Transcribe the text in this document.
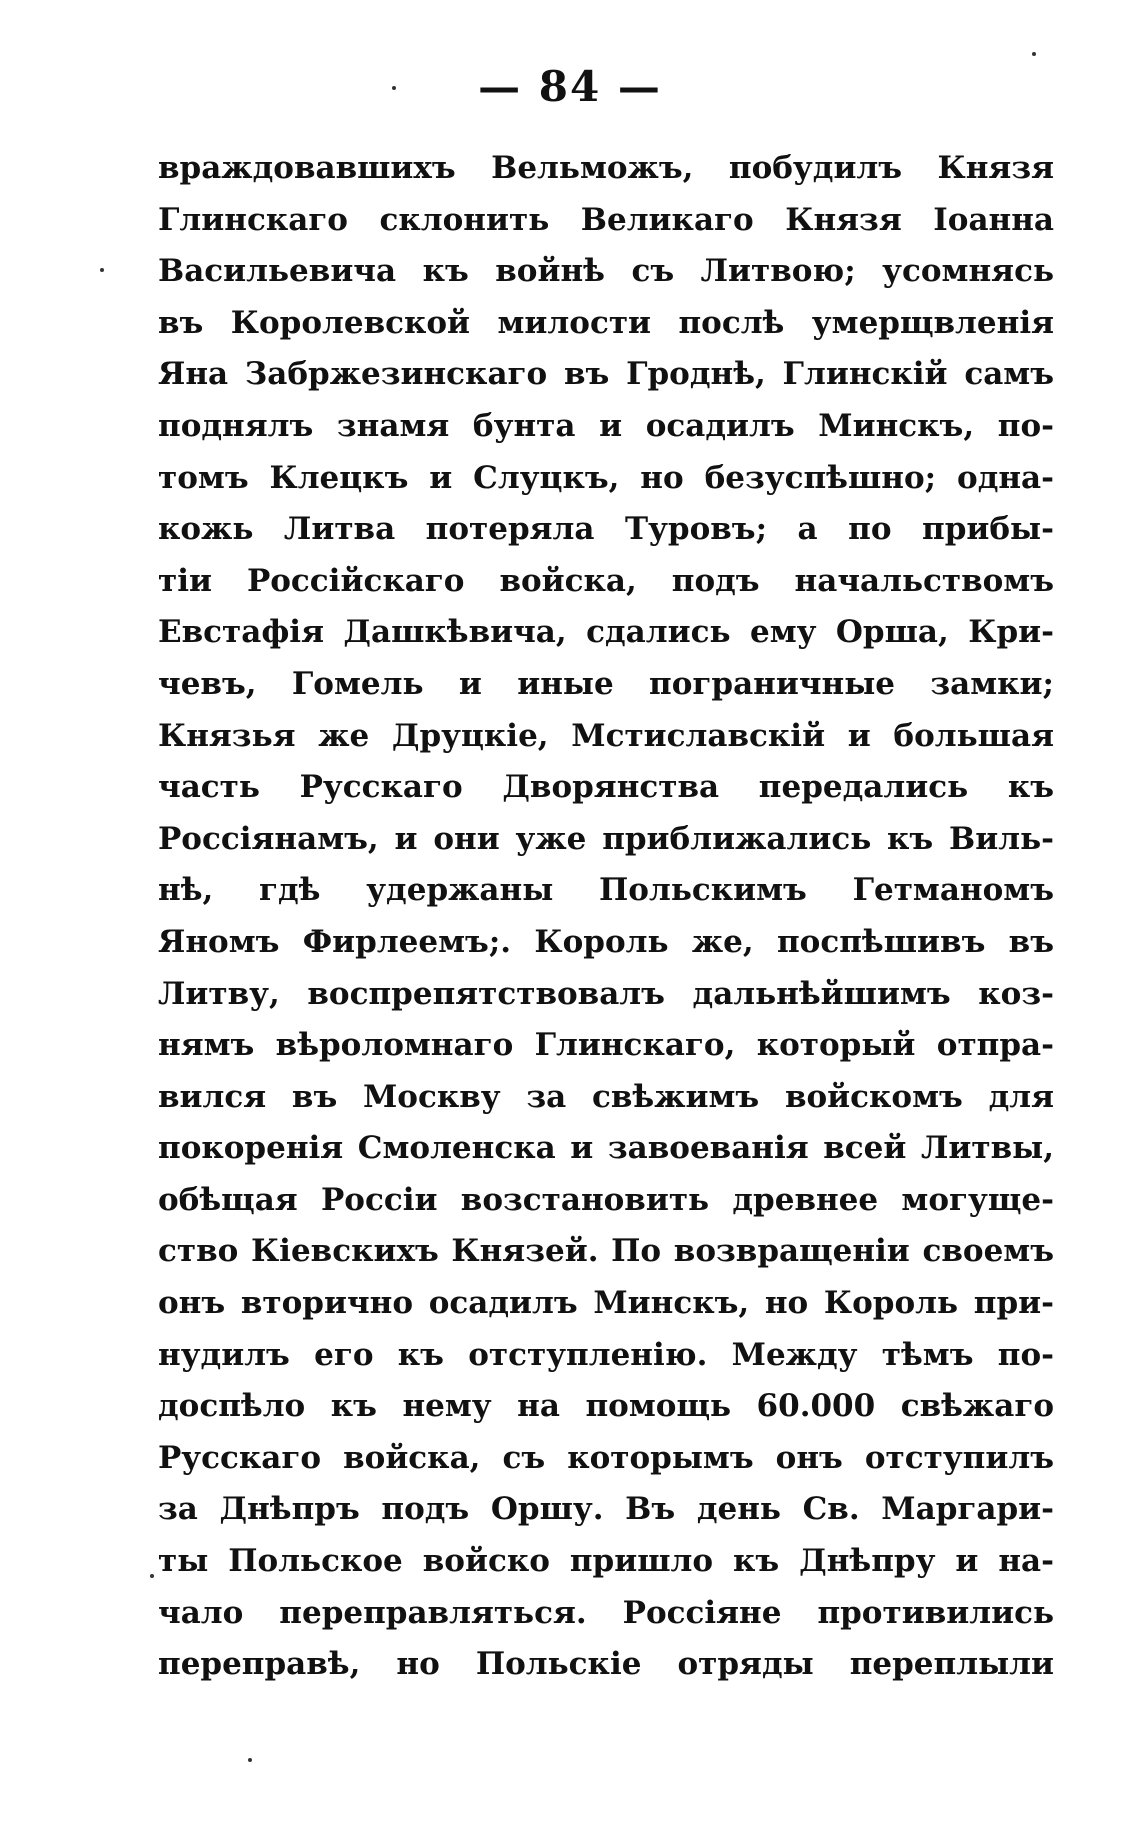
— 84 —
враждовавшихъ Вельможъ, побудилъ Князя
Глинскаго склонить Великаго Князя Іоанна
Васильевича къ войнѣ съ Литвою; усомнясь
въ Королевской милости послѣ умерщвленія
Яна Забржезинскаго въ Гроднѣ, Глинскій самъ
поднялъ знамя бунта и осадилъ Минскъ, по-
томъ Клецкъ и Слуцкъ, но безуспѣшно; одна-
кожь Литва потеряла Туровъ; а по прибы-
тіи Россійскаго войска, подъ начальствомъ
Евстафія Дашкѣвича, сдались ему Орша, Кри-
чевъ, Гомель и иные пограничные замки;
Князья же Друцкіе, Мстиславскій и большая
часть Русскаго Дворянства передались къ
Россіянамъ, и они уже приближались къ Виль-
нѣ, гдѣ удержаны Польскимъ Гетманомъ
Яномъ Фирлеемъ;. Король же, поспѣшивъ въ
Литву, воспрепятствовалъ дальнѣйшимъ коз-
нямъ вѣроломнаго Глинскаго, который отпра-
вился въ Москву за свѣжимъ войскомъ для
покоренія Смоленска и завоеванія всей Литвы,
обѣщая Россіи возстановить древнее могуще-
ство Кіевскихъ Князей. По возвращеніи своемъ
онъ вторично осадилъ Минскъ, но Король при-
нудилъ его къ отступленію. Между тѣмъ по-
доспѣло къ нему на помощь 60.000 свѣжаго
Русскаго войска, съ которымъ онъ отступилъ
за Днѣпръ подъ Оршу. Въ день Св. Маргари-
ты Польское войско пришло къ Днѣпру и на-
чало переправляться. Россіяне противились
переправѣ, но Польскіе отряды переплыли
